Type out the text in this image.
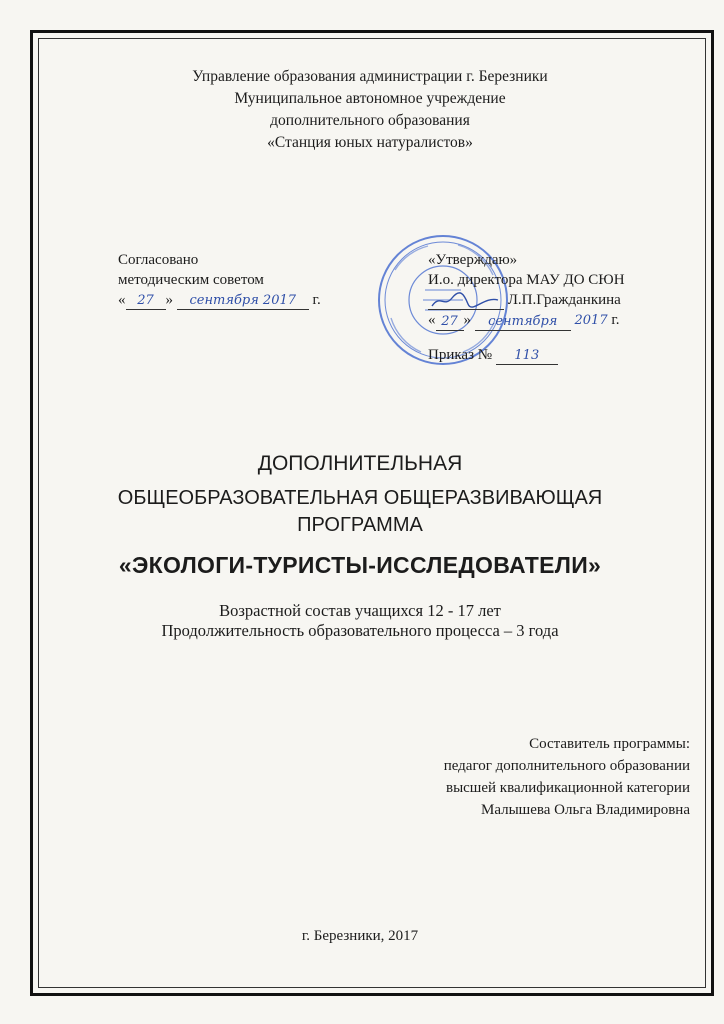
Управление образования администрации г. Березники
Муниципальное автономное учреждение
дополнительного образования
«Станция юных натуралистов»
Согласовано
методическим советом
« 27 » сентября 2017 г.
«Утверждаю»
И.о. директора МАУ ДО СЮН
Л.П.Гражданкина
« 27 » сентября 2017 г.
Приказ № 113
ДОПОЛНИТЕЛЬНАЯ
ОБЩЕОБРАЗОВАТЕЛЬНАЯ ОБЩЕРАЗВИВАЮЩАЯ
ПРОГРАММА
«ЭКОЛОГИ-ТУРИСТЫ-ИССЛЕДОВАТЕЛИ»
Возрастной состав учащихся 12 - 17 лет
Продолжительность образовательного процесса – 3 года
Составитель программы:
педагог дополнительного образовании
высшей квалификационной категории
Малышева Ольга Владимировна
г. Березники, 2017
